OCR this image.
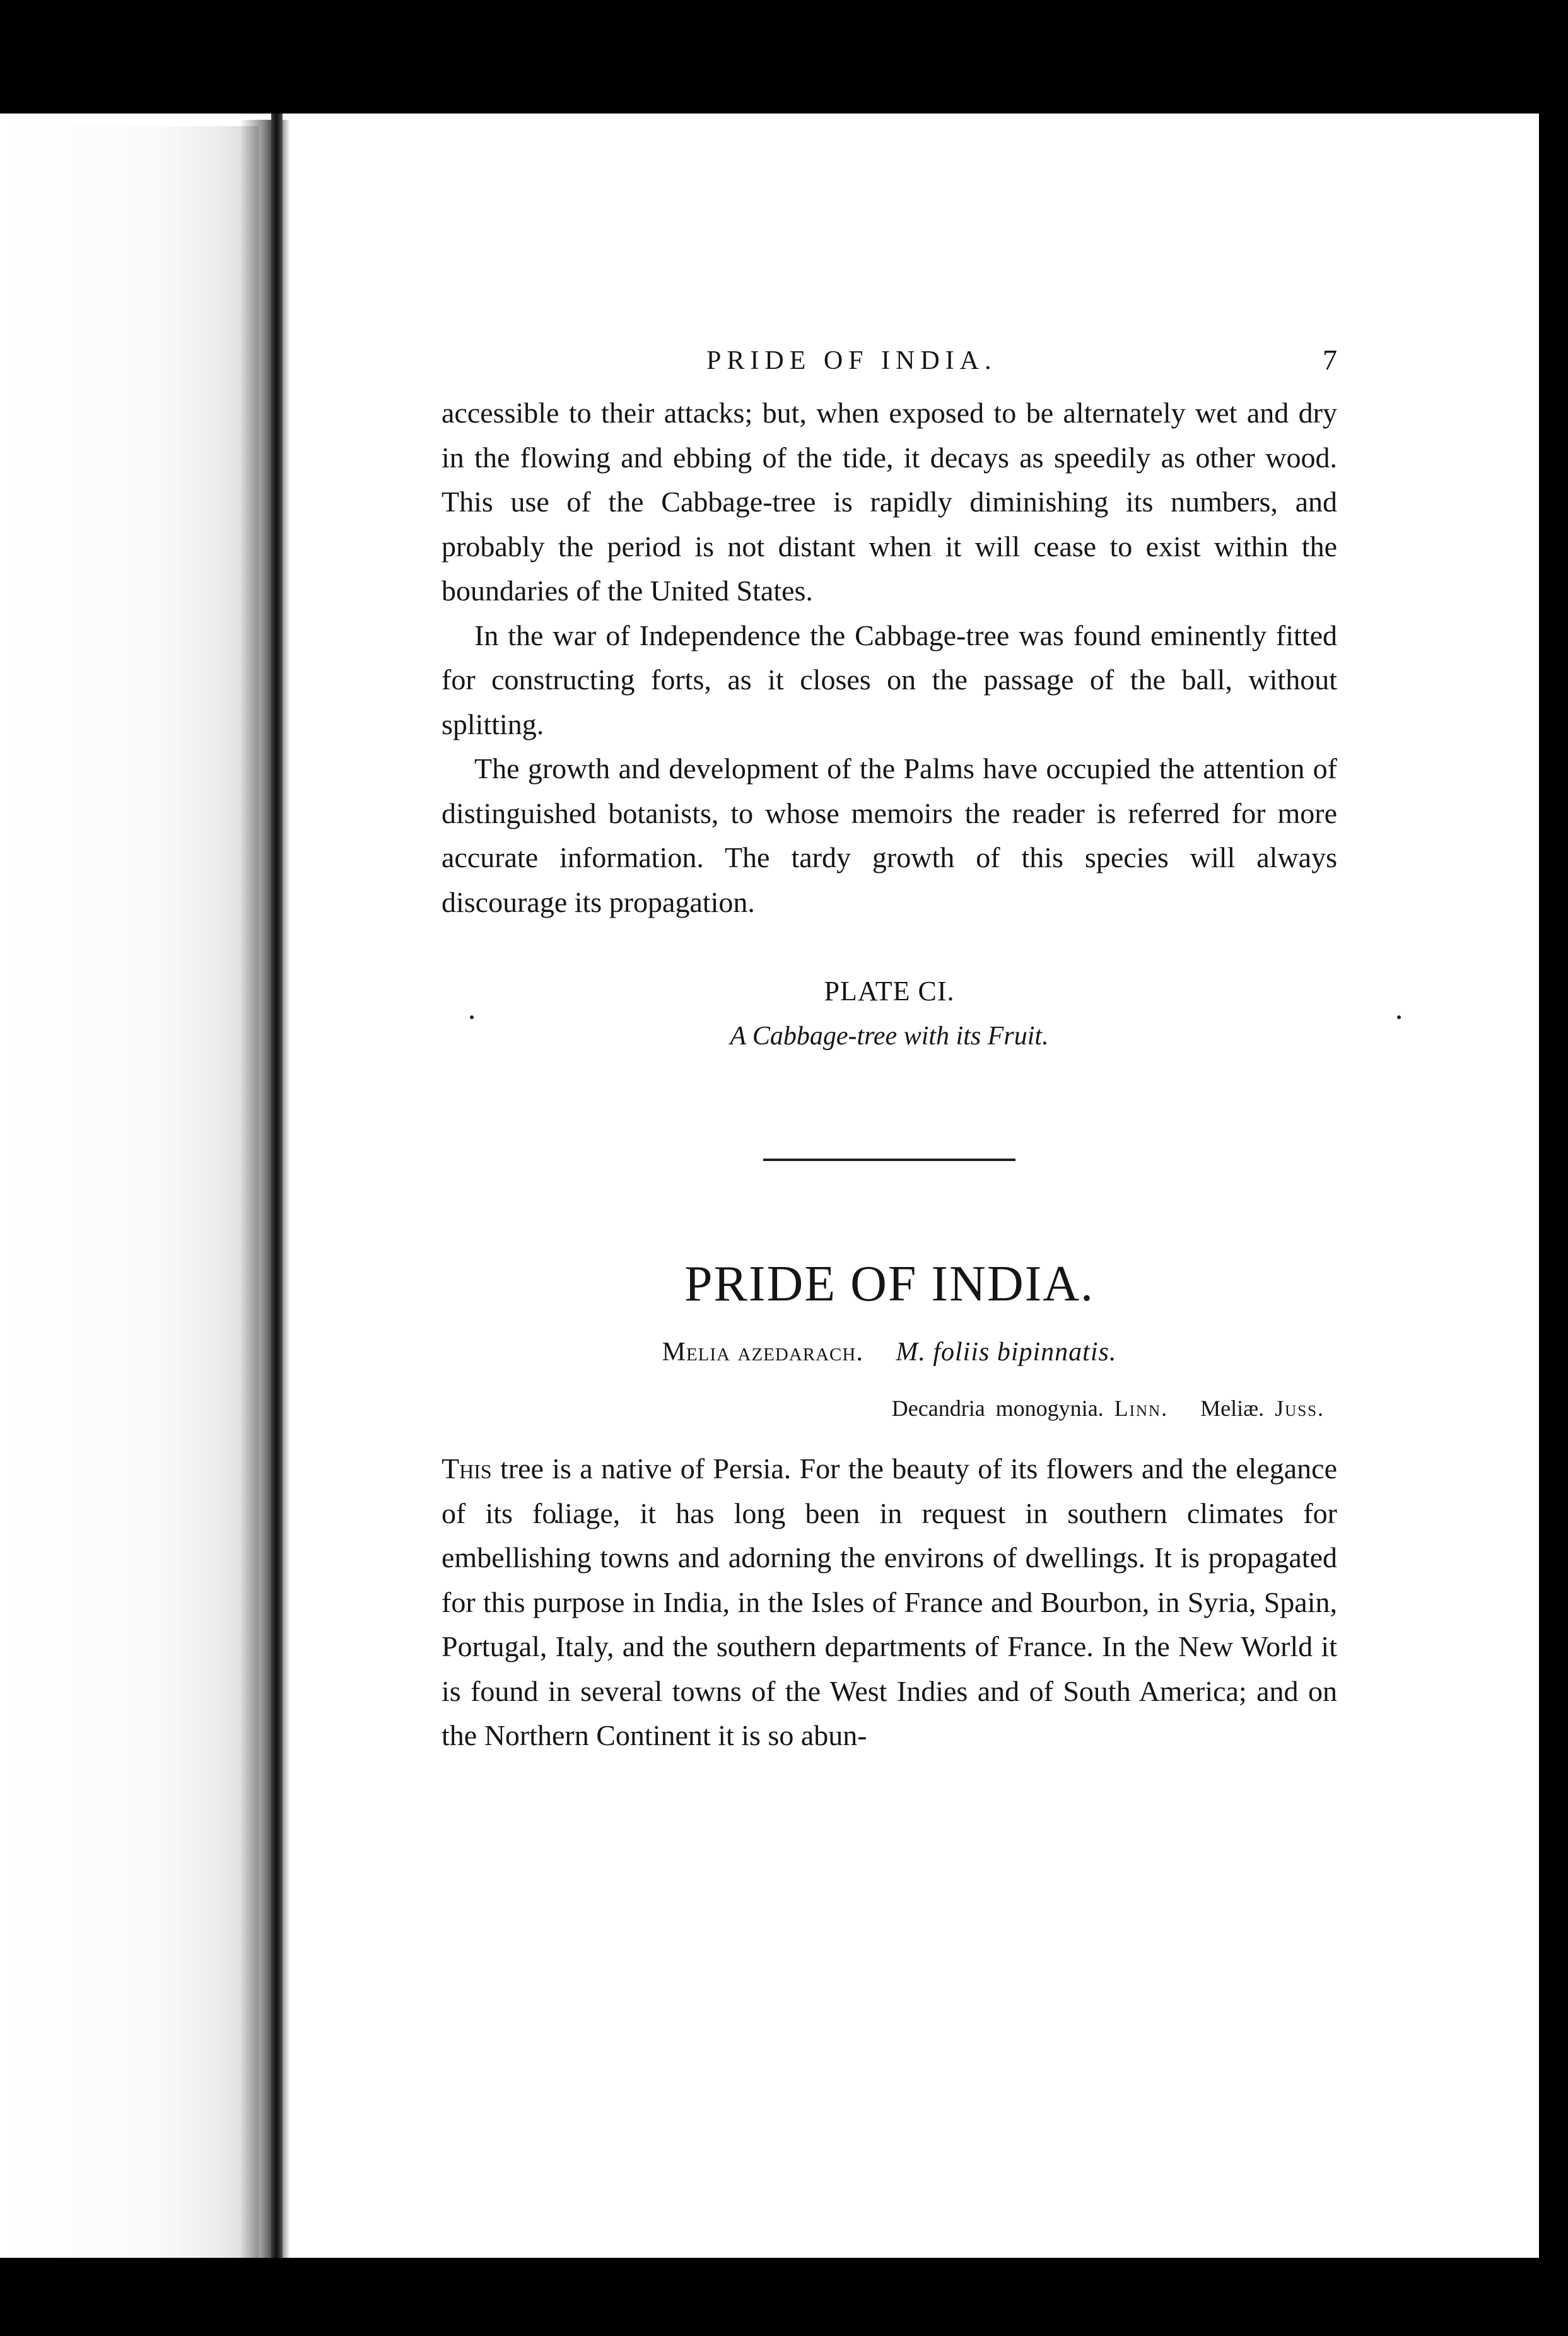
PRIDE OF INDIA.	7

accessible to their attacks; but, when exposed to be alternately wet and dry in the flowing and ebbing of the tide, it decays as speedily as other wood. This use of the Cabbage-tree is rapidly diminishing its numbers, and probably the period is not distant when it will cease to exist within the boundaries of the United States.

In the war of Independence the Cabbage-tree was found eminently fitted for constructing forts, as it closes on the passage of the ball, without splitting.

The growth and development of the Palms have occupied the attention of distinguished botanists, to whose memoirs the reader is referred for more accurate information. The tardy growth of this species will always discourage its propagation.

PLATE CI.
A Cabbage-tree with its Fruit.
PRIDE OF INDIA.
Melia azedarach. M. foliis bipinnatis.
Decandria monogynia. Linn. Meliæ. Juss.

This tree is a native of Persia. For the beauty of its flowers and the elegance of its foliage, it has long been in request in southern climates for embellishing towns and adorning the environs of dwellings. It is propagated for this purpose in India, in the Isles of France and Bourbon, in Syria, Spain, Portugal, Italy, and the southern departments of France. In the New World it is found in several towns of the West Indies and of South America; and on the Northern Continent it is so abun-
